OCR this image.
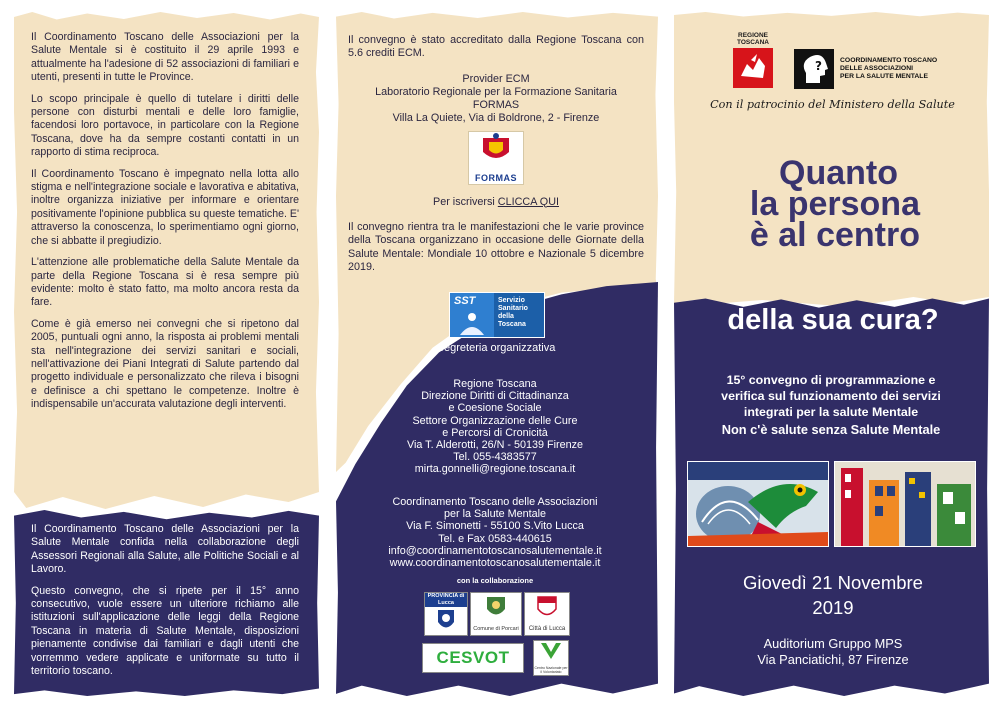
Il Coordinamento Toscano delle Associazioni per la Salute Mentale si è costituito il 29 aprile 1993 e attualmente ha l'adesione di 52 associazioni di familiari e utenti, presenti in tutte le Province.

Lo scopo principale è quello di tutelare i diritti delle persone con disturbi mentali e delle loro famiglie, facendosi loro portavoce, in particolare con la Regione Toscana, dove ha da sempre costanti contatti in un rapporto di stima reciproca.

Il Coordinamento Toscano è impegnato nella lotta allo stigma e nell'integrazione sociale e lavorativa e abitativa, inoltre organizza iniziative per informare e orientare positivamente l'opinione pubblica su queste tematiche. E' attraverso la conoscenza, lo sperimentiamo ogni giorno, che si abbatte il pregiudizio.

L'attenzione alle problematiche della Salute Mentale da parte della Regione Toscana si è resa sempre più evidente: molto è stato fatto, ma molto ancora resta da fare.

Come è già emerso nei convegni che si ripetono dal 2005, puntuali ogni anno, la risposta ai problemi mentali sta nell'integrazione dei servizi sanitari e sociali, nell'attivazione dei Piani Integrati di Salute partendo dal progetto individuale e personalizzato che rileva i bisogni e definisce a chi spettano le competenze. Inoltre è indispensabile un'accurata valutazione degli interventi.

Il Coordinamento Toscano delle Associazioni per la Salute Mentale confida nella collaborazione degli Assessori Regionali alla Salute, alle Politiche Sociali e al Lavoro.

Questo convegno, che si ripete per il 15° anno consecutivo, vuole essere un ulteriore richiamo alle istituzioni sull'applicazione delle leggi della Regione Toscana in materia di Salute Mentale, disposizioni pienamente condivise dai familiari e dagli utenti che vorremmo vedere applicate e uniformate su tutto il territorio toscano.

Il convegno è stato accreditato dalla Regione Toscana con 5.6 crediti ECM.

Provider ECM
Laboratorio Regionale per la Formazione Sanitaria
FORMAS
Villa La Quiete, Via di Boldrone, 2 - Firenze
FORMAS
Per iscriversi CLICCA QUI

Il convegno rientra tra le manifestazioni che le varie province della Toscana organizzano in occasione delle Giornate della Salute Mentale: Mondiale 10 ottobre e Nazionale 5 dicembre 2019.

SST	Servizio
Sanitario
della
Toscana
Segreteria organizzativa
Regione Toscana
Direzione Diritti di Cittadinanza
e Coesione Sociale
Settore Organizzazione delle Cure
e Percorsi di Cronicità
Via T. Alderotti, 26/N - 50139 Firenze
Tel. 055-4383577
mirta.gonnelli@regione.toscana.it
Coordinamento Toscano delle Associazioni
per la Salute Mentale
Via F. Simonetti - 55100 S.Vito Lucca
Tel. e Fax 0583-440615
info@coordinamentotoscanosalutementale.it
www.coordinamentotoscanosalutementale.it
con la collaborazione
PROVINCIA di Lucca
Comune di Porcari	Città di Lucca
CESVOT
Centro Nazionale per il Volontariato
REGIONE TOSCANA
?	COORDINAMENTO TOSCANO
DELLE ASSOCIAZIONI
PER LA SALUTE MENTALE
Con il patrocinio del Ministero della Salute
Quanto
la persona
è al centro
della sua cura?
15° convegno di programmazione e
verifica sul funzionamento dei servizi
integrati per la salute Mentale
Non c'è salute senza Salute Mentale
Giovedì 21 Novembre
2019
Auditorium Gruppo MPS
Via Panciatichi, 87 Firenze
